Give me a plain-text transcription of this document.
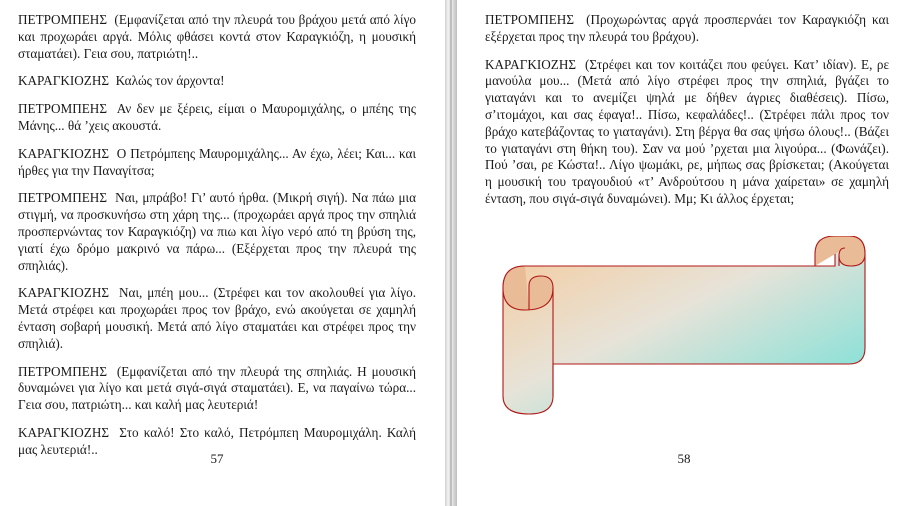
ΠΕΤΡΟΜΠΕΗΣ (Εμφανίζεται από την πλευρά του βράχου μετά από λίγο και προχωράει αργά. Μόλις φθάσει κοντά στον Καραγκιόζη, η μουσική σταματάει). Γεια σου, πατριώτη!..

ΚΑΡΑΓΚΙΟΖΗΣ Καλώς τον άρχοντα!

ΠΕΤΡΟΜΠΕΗΣ Αν δεν με ξέρεις, είμαι ο Μαυρομιχάλης, ο μπέης της Μάνης... θά ’χεις ακουστά.

ΚΑΡΑΓΚΙΟΖΗΣ Ο Πετρόμπεης Μαυρομιχάλης... Αν έχω, λέει; Και... και ήρθες για την Παναγίτσα;

ΠΕΤΡΟΜΠΕΗΣ Ναι, μπράβο! Γι’ αυτό ήρθα. (Μικρή σιγή). Να πάω μια στιγμή, να προσκυνήσω στη χάρη της... (προχωράει αργά προς την σπηλιά προσπερνώντας τον Καραγκιόζη) να πιω και λίγο νερό από τη βρύση της, γιατί έχω δρόμο μακρινό να πάρω... (Εξέρχεται προς την πλευρά της σπηλιάς).

ΚΑΡΑΓΚΙΟΖΗΣ Ναι, μπέη μου... (Στρέφει και τον ακολουθεί για λίγο. Μετά στρέφει και προχωράει προς τον βράχο, ενώ ακούγεται σε χαμηλή ένταση σοβαρή μουσική. Μετά από λίγο σταματάει και στρέφει προς την σπηλιά).

ΠΕΤΡΟΜΠΕΗΣ (Εμφανίζεται από την πλευρά της σπηλιάς. Η μουσική δυναμώνει για λίγο και μετά σιγά-σιγά σταματάει). Ε, να παγαίνω τώρα... Γεια σου, πατριώτη... και καλή μας λευτεριά!

ΚΑΡΑΓΚΙΟΖΗΣ Στο καλό! Στο καλό, Πετρόμπεη Μαυρομιχάλη. Καλή μας λευτεριά!..

57

ΠΕΤΡΟΜΠΕΗΣ (Προχωρώντας αργά προσπερνάει τον Καραγκιόζη και εξέρχεται προς την πλευρά του βράχου).

ΚΑΡΑΓΚΙΟΖΗΣ (Στρέφει και τον κοιτάζει που φεύγει. Κατ’ ιδίαν). Ε, ρε μανούλα μου... (Μετά από λίγο στρέφει προς την σπηλιά, βγάζει το γιαταγάνι και το ανεμίζει ψηλά με δήθεν άγριες διαθέσεις). Πίσω, σ’ιτομάχοι, και σας έφαγα!.. Πίσω, κεφαλάδες!.. (Στρέφει πάλι προς τον βράχο κατεβάζοντας το γιαταγάνι). Στη βέργα θα σας ψήσω όλους!.. (Βάζει το γιαταγάνι στη θήκη του). Σαν να μού ’ρχεται μια λιγούρα... (Φωνάζει). Πού ’σαι, ρε Κώστα!.. Λίγο ψωμάκι, ρε, μήπως σας βρίσκεται; (Ακούγεται η μουσική του τραγουδιού «τ’ Ανδρούτσου η μάνα χαίρεται» σε χαμηλή ένταση, που σιγά-σιγά δυναμώνει). Μμ; Κι άλλος έρχεται;

58
